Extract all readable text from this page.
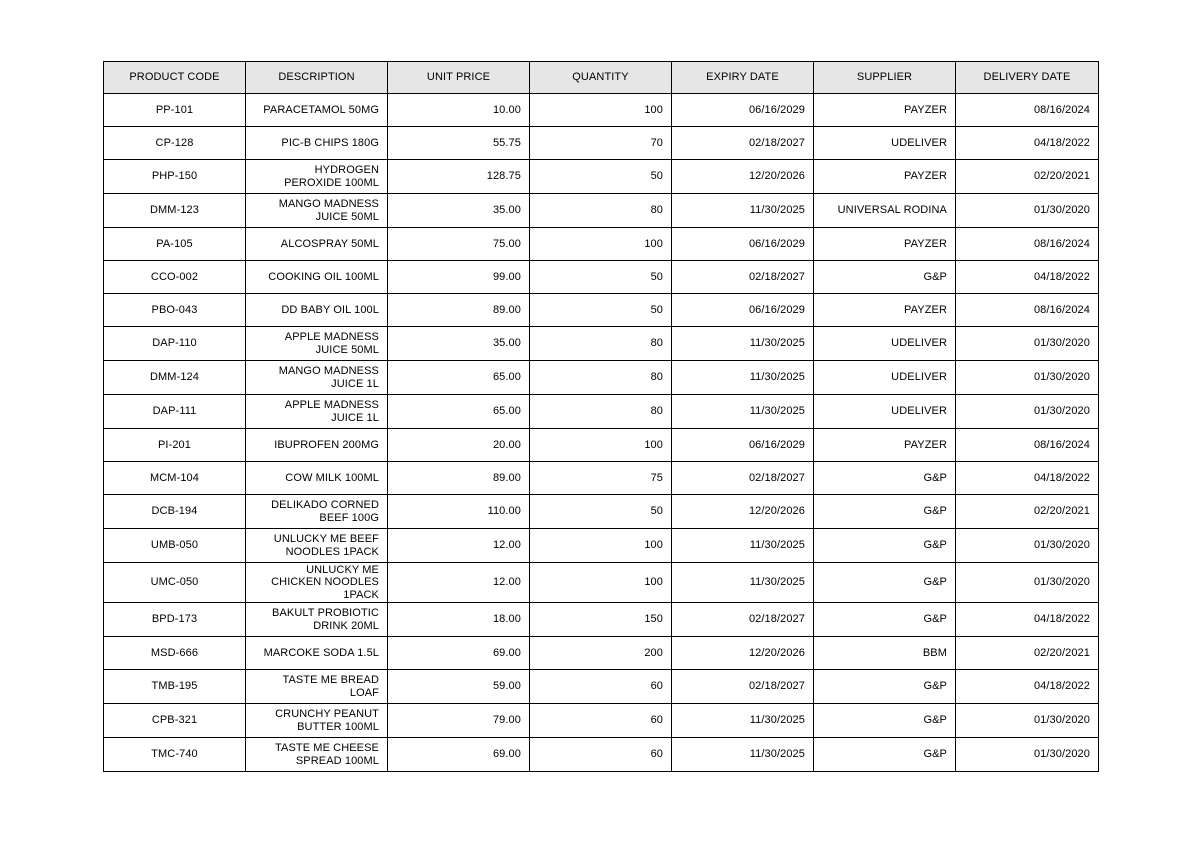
PRODUCT CODE	DESCRIPTION	UNIT PRICE	QUANTITY	EXPIRY DATE	SUPPLIER	DELIVERY DATE
PP-101	PARACETAMOL 50MG	10.00	100	06/16/2029	PAYZER	08/16/2024
CP-128	PIC-B CHIPS 180G	55.75	70	02/18/2027	UDELIVER	04/18/2022
PHP-150	HYDROGEN PEROXIDE 100ML	128.75	50	12/20/2026	PAYZER	02/20/2021
DMM-123	MANGO MADNESS JUICE 50ML	35.00	80	11/30/2025	UNIVERSAL RODINA	01/30/2020
PA-105	ALCOSPRAY 50ML	75.00	100	06/16/2029	PAYZER	08/16/2024
CCO-002	COOKING OIL 100ML	99.00	50	02/18/2027	G&P	04/18/2022
PBO-043	DD BABY OIL 100L	89.00	50	06/16/2029	PAYZER	08/16/2024
DAP-110	APPLE MADNESS JUICE 50ML	35.00	80	11/30/2025	UDELIVER	01/30/2020
DMM-124	MANGO MADNESS JUICE 1L	65.00	80	11/30/2025	UDELIVER	01/30/2020
DAP-111	APPLE MADNESS JUICE 1L	65.00	80	11/30/2025	UDELIVER	01/30/2020
PI-201	IBUPROFEN 200MG	20.00	100	06/16/2029	PAYZER	08/16/2024
MCM-104	COW MILK 100ML	89.00	75	02/18/2027	G&P	04/18/2022
DCB-194	DELIKADO CORNED BEEF 100G	110.00	50	12/20/2026	G&P	02/20/2021
UMB-050	UNLUCKY ME BEEF NOODLES 1PACK	12.00	100	11/30/2025	G&P	01/30/2020
UMC-050	UNLUCKY ME CHICKEN NOODLES 1PACK	12.00	100	11/30/2025	G&P	01/30/2020
BPD-173	BAKULT PROBIOTIC DRINK 20ML	18.00	150	02/18/2027	G&P	04/18/2022
MSD-666	MARCOKE SODA 1.5L	69.00	200	12/20/2026	BBM	02/20/2021
TMB-195	TASTE ME BREAD LOAF	59.00	60	02/18/2027	G&P	04/18/2022
CPB-321	CRUNCHY PEANUT BUTTER 100ML	79.00	60	11/30/2025	G&P	01/30/2020
TMC-740	TASTE ME CHEESE SPREAD 100ML	69.00	60	11/30/2025	G&P	01/30/2020
